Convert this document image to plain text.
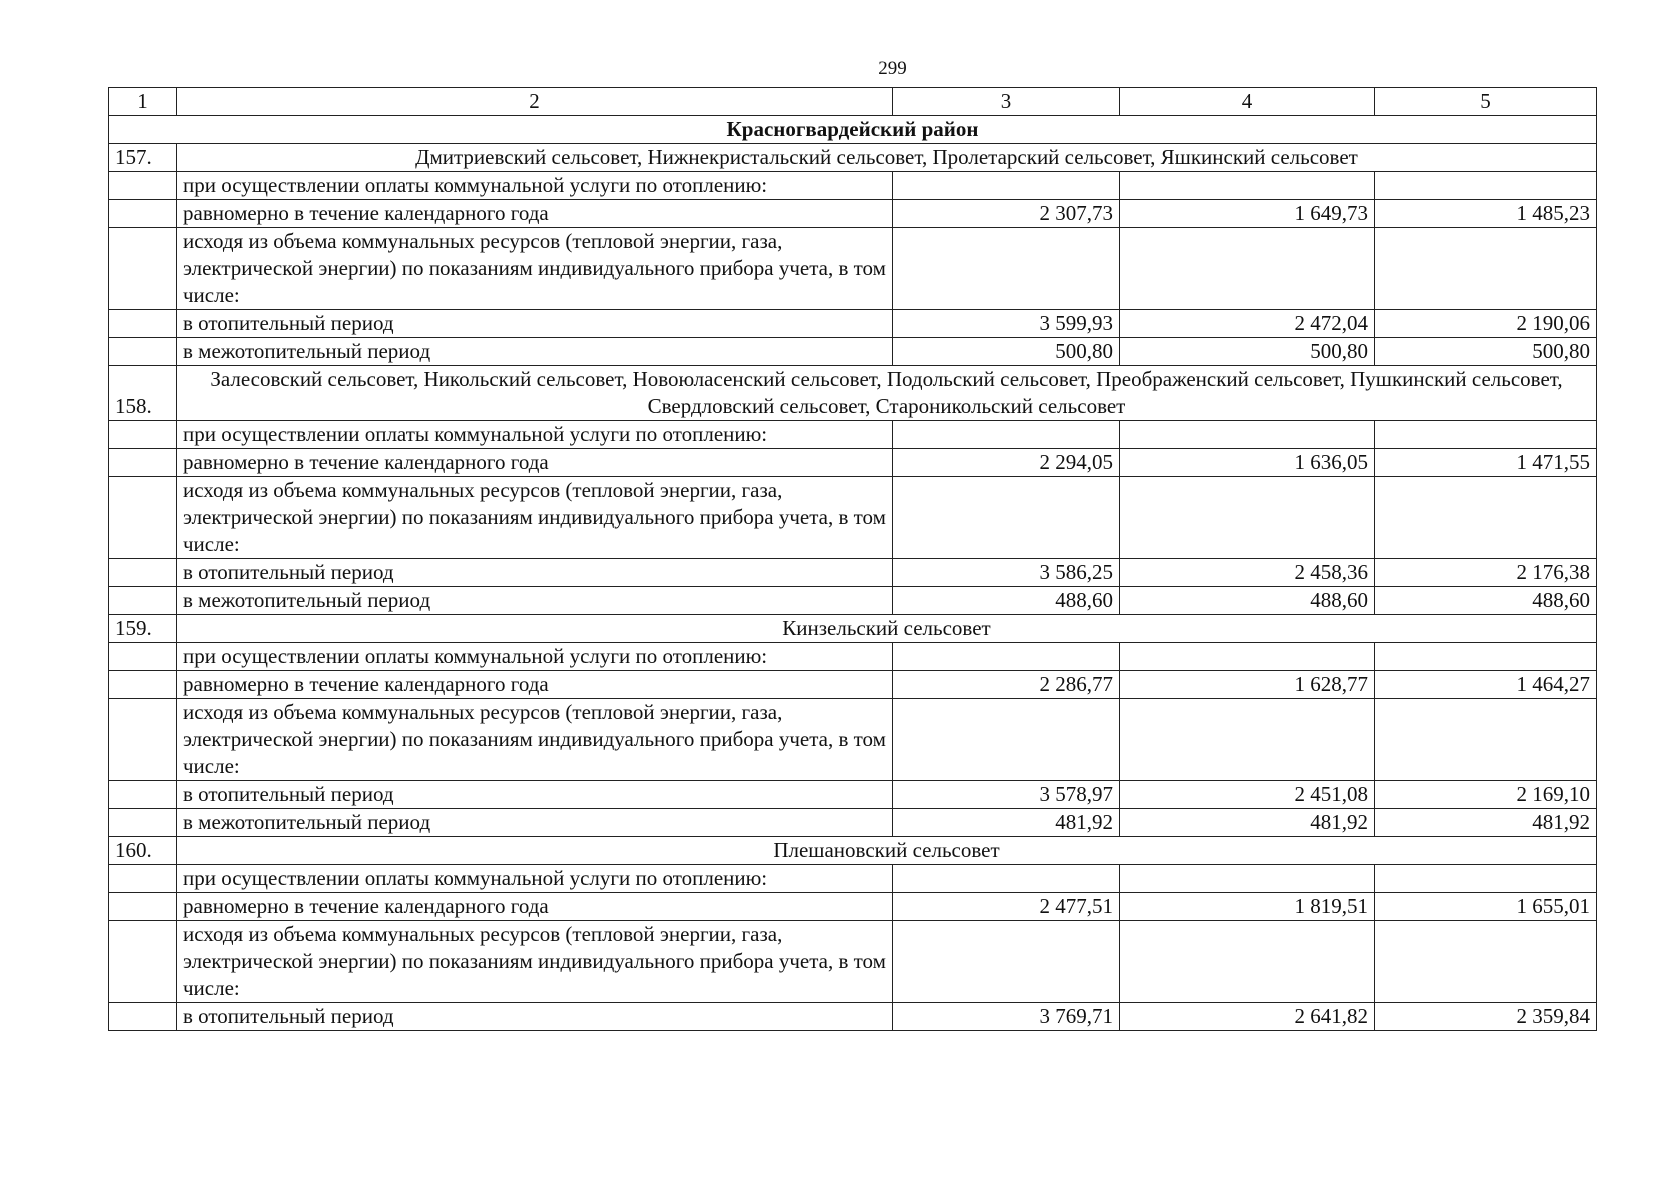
299
1	2	3	4	5
Красногвардейский район				
157.	Дмитриевский сельсовет, Нижнекристальский сельсовет, Пролетарский сельсовет, Яшкинский сельсовет			
	при осуществлении оплаты коммунальной услуги по отоплению:			
	равномерно в течение календарного года	2 307,73	1 649,73	1 485,23
	исходя из объема коммунальных ресурсов (тепловой энергии, газа, электрической энергии) по показаниям индивидуального прибора учета, в том числе:			
	в отопительный период	3 599,93	2 472,04	2 190,06
	в межотопительный период	500,80	500,80	500,80
158.	Залесовский сельсовет, Никольский сельсовет, Новоюласенский сельсовет, Подольский сельсовет, Преображенский сельсовет, Пушкинский сельсовет, Свердловский сельсовет, Староникольский сельсовет			
	при осуществлении оплаты коммунальной услуги по отоплению:			
	равномерно в течение календарного года	2 294,05	1 636,05	1 471,55
	исходя из объема коммунальных ресурсов (тепловой энергии, газа, электрической энергии) по показаниям индивидуального прибора учета, в том числе:			
	в отопительный период	3 586,25	2 458,36	2 176,38
	в межотопительный период	488,60	488,60	488,60
159.	Кинзельский сельсовет			
	при осуществлении оплаты коммунальной услуги по отоплению:			
	равномерно в течение календарного года	2 286,77	1 628,77	1 464,27
	исходя из объема коммунальных ресурсов (тепловой энергии, газа, электрической энергии) по показаниям индивидуального прибора учета, в том числе:			
	в отопительный период	3 578,97	2 451,08	2 169,10
	в межотопительный период	481,92	481,92	481,92
160.	Плешановский сельсовет			
	при осуществлении оплаты коммунальной услуги по отоплению:			
	равномерно в течение календарного года	2 477,51	1 819,51	1 655,01
	исходя из объема коммунальных ресурсов (тепловой энергии, газа, электрической энергии) по показаниям индивидуального прибора учета, в том числе:			
	в отопительный период	3 769,71	2 641,82	2 359,84
